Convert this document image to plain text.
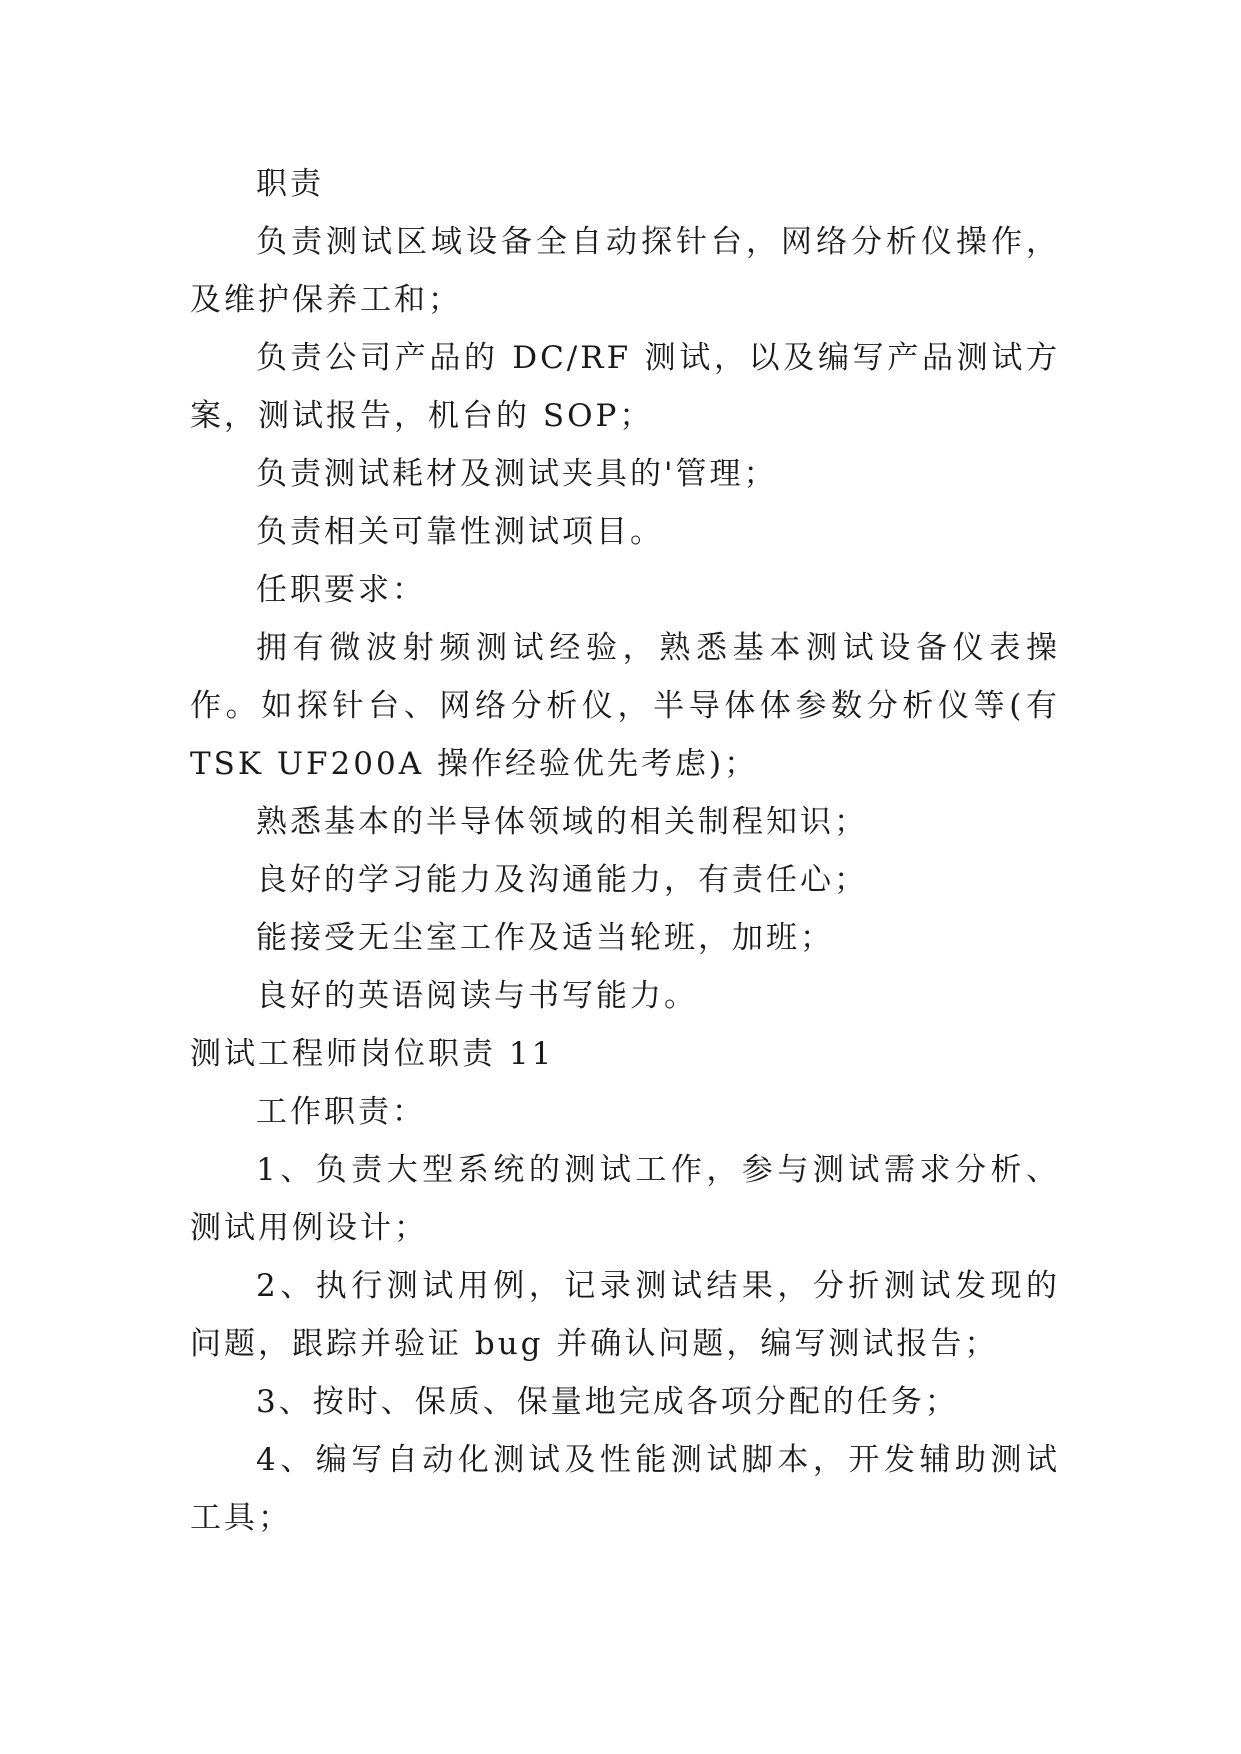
职责

负责测试区域设备全自动探针台，网络分析仪操作，及维护保养工和；

负责公司产品的 DC/RF 测试，以及编写产品测试方案，测试报告，机台的 SOP；

负责测试耗材及测试夹具的'管理；

负责相关可靠性测试项目。

任职要求：

拥有微波射频测试经验，熟悉基本测试设备仪表操作。如探针台、网络分析仪，半导体体参数分析仪等(有 TSK UF200A 操作经验优先考虑)；

熟悉基本的半导体领域的相关制程知识；

良好的学习能力及沟通能力，有责任心；

能接受无尘室工作及适当轮班，加班；

良好的英语阅读与书写能力。

测试工程师岗位职责 11

工作职责：

1、负责大型系统的测试工作，参与测试需求分析、测试用例设计；

2、执行测试用例，记录测试结果，分折测试发现的问题，跟踪并验证 bug 并确认问题，编写测试报告；

3、按时、保质、保量地完成各项分配的任务；

4、编写自动化测试及性能测试脚本，开发辅助测试工具；
